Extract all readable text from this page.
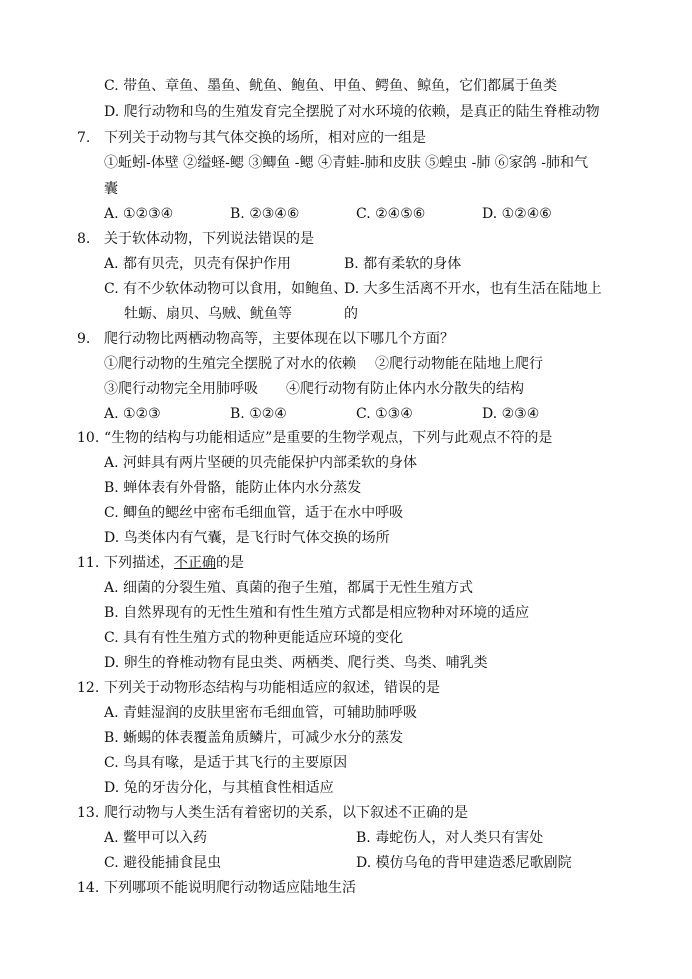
C. 带鱼、章鱼、墨鱼、鱿鱼、鲍鱼、甲鱼、鳄鱼、鲸鱼，它们都属于鱼类
D. 爬行动物和鸟的生殖发育完全摆脱了对水环境的依赖，是真正的陆生脊椎动物
7. 下列关于动物与其气体交换的场所，相对应的一组是
①蚯蚓-体壁 ②缢蛏-鳃 ③鲫鱼 -鳃 ④青蛙-肺和皮肤 ⑤蝗虫 -肺 ⑥家鸽 -肺和气
囊
A. ①②③④	B. ②③④⑥	C. ②④⑤⑥	D. ①②④⑥
8. 关于软体动物，下列说法错误的是
A. 都有贝壳，贝壳有保护作用	B. 都有柔软的身体
C. 有不少软体动物可以食用，如鲍鱼、
D. 大多生活离不开水，也有生活在陆地上
牡蛎、扇贝、乌贼、鱿鱼等	的
9. 爬行动物比两栖动物高等，主要体现在以下哪几个方面？
①爬行动物的生殖完全摆脱了对水的依赖 ②爬行动物能在陆地上爬行
③爬行动物完全用肺呼吸 ④爬行动物有防止体内水分散失的结构
A. ①②③	B. ①②④	C. ①③④	D. ②③④
10. “生物的结构与功能相适应”是重要的生物学观点，下列与此观点不符的是
A. 河蚌具有两片坚硬的贝壳能保护内部柔软的身体
B. 蝉体表有外骨骼，能防止体内水分蒸发
C. 鲫鱼的鳃丝中密布毛细血管，适于在水中呼吸
D. 鸟类体内有气囊，是飞行时气体交换的场所
11. 下列描述，不正确的是
A. 细菌的分裂生殖、真菌的孢子生殖，都属于无性生殖方式
B. 自然界现有的无性生殖和有性生殖方式都是相应物种对环境的适应
C. 具有有性生殖方式的物种更能适应环境的变化
D. 卵生的脊椎动物有昆虫类、两栖类、爬行类、鸟类、哺乳类
12. 下列关于动物形态结构与功能相适应的叙述，错误的是
A. 青蛙湿润的皮肤里密布毛细血管，可辅助肺呼吸
B. 蜥蜴的体表覆盖角质鳞片，可减少水分的蒸发
C. 鸟具有喙，是适于其飞行的主要原因
D. 兔的牙齿分化，与其植食性相适应
13. 爬行动物与人类生活有着密切的关系，以下叙述不正确的是
A. 鳖甲可以入药	B. 毒蛇伤人，对人类只有害处
C. 避役能捕食昆虫	D. 模仿乌龟的背甲建造悉尼歌剧院
14. 下列哪项不能说明爬行动物适应陆地生活
